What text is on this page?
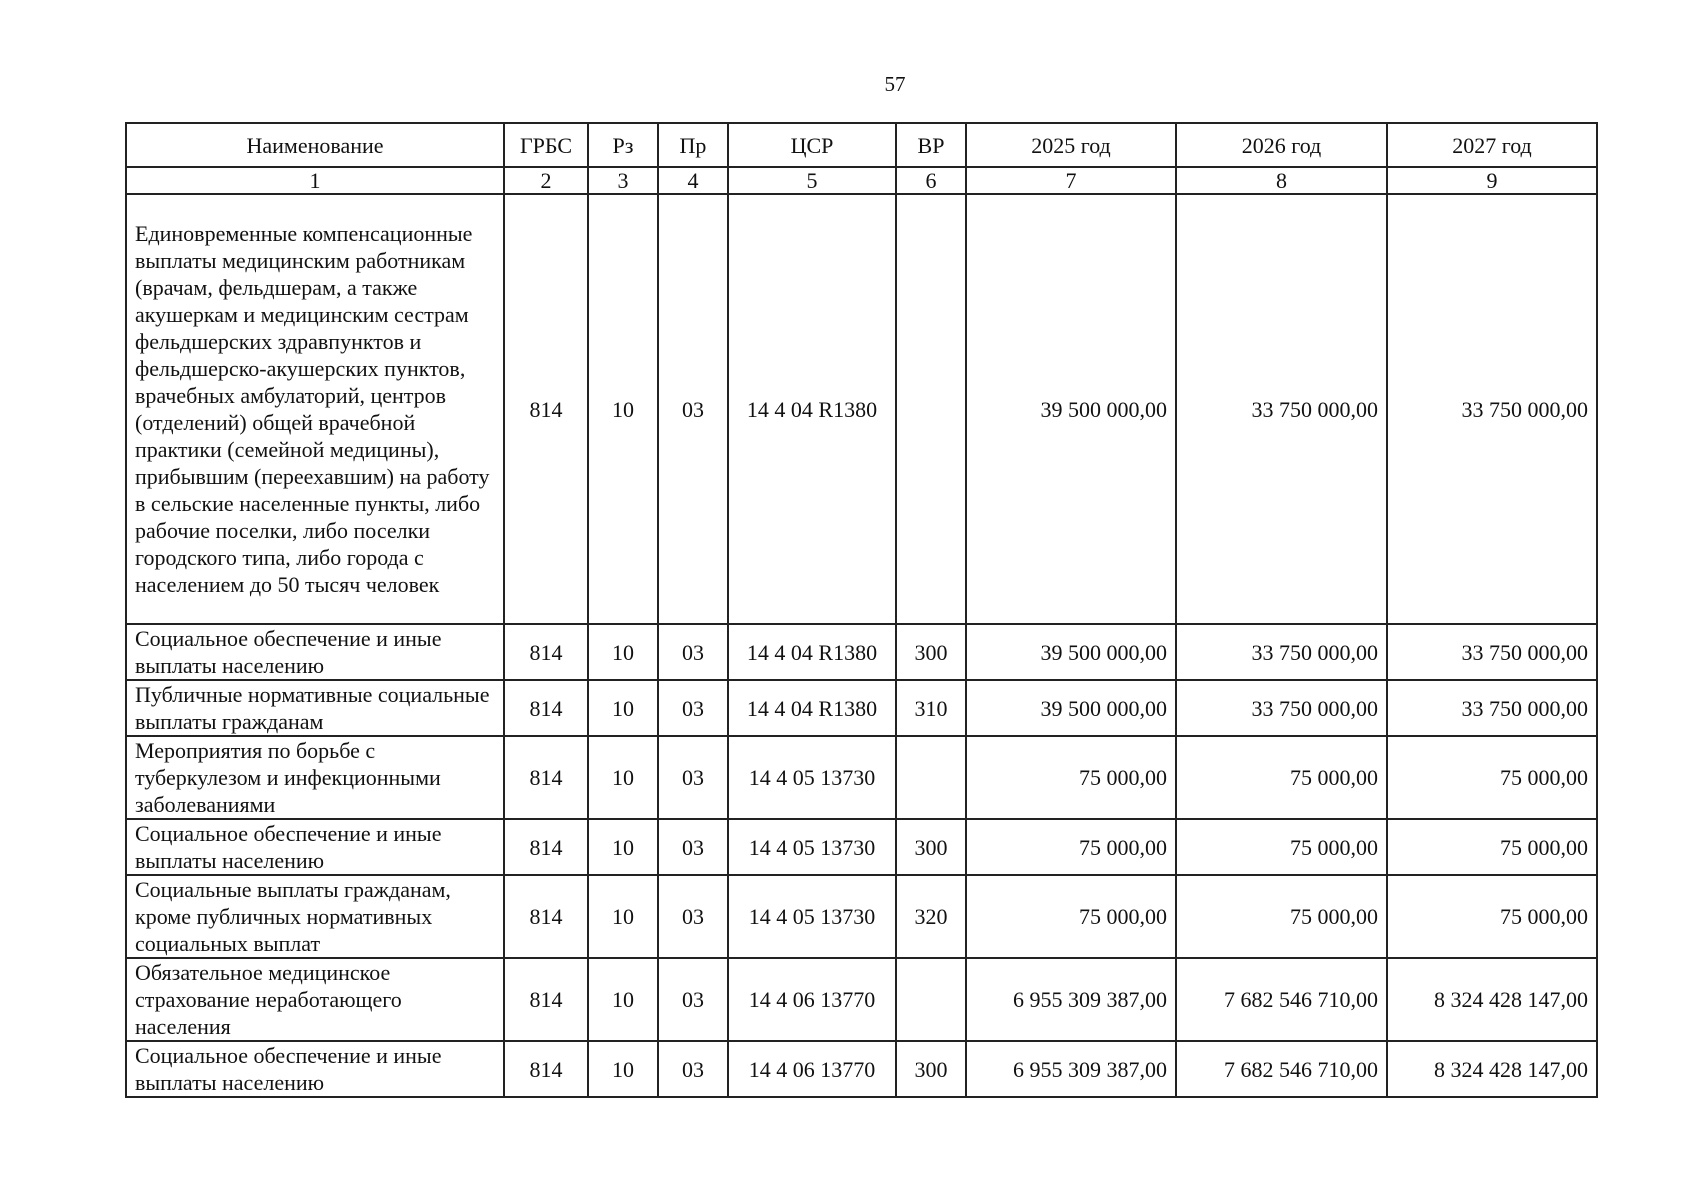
57
Наименование	ГРБС	Рз	Пр	ЦСР	ВР	2025 год	2026 год	2027 год
1	2	3	4	5	6	7	8	9
Единовременные компенсационные выплаты медицинским работникам (врачам, фельдшерам, а также акушеркам и медицинским сестрам фельдшерских здравпунктов и фельдшерско-акушерских пунктов, врачебных амбулаторий, центров (отделений) общей врачебной практики (семейной медицины), прибывшим (переехавшим) на работу в сельские населенные пункты, либо рабочие поселки, либо поселки городского типа, либо города с населением до 50 тысяч человек	814	10	03	14 4 04 R1380		39 500 000,00	33 750 000,00	33 750 000,00
Социальное обеспечение и иные выплаты населению	814	10	03	14 4 04 R1380	300	39 500 000,00	33 750 000,00	33 750 000,00
Публичные нормативные социальные выплаты гражданам	814	10	03	14 4 04 R1380	310	39 500 000,00	33 750 000,00	33 750 000,00
Мероприятия по борьбе с туберкулезом и инфекционными заболеваниями	814	10	03	14 4 05 13730		75 000,00	75 000,00	75 000,00
Социальное обеспечение и иные выплаты населению	814	10	03	14 4 05 13730	300	75 000,00	75 000,00	75 000,00
Социальные выплаты гражданам, кроме публичных нормативных социальных выплат	814	10	03	14 4 05 13730	320	75 000,00	75 000,00	75 000,00
Обязательное медицинское страхование неработающего населения	814	10	03	14 4 06 13770		6 955 309 387,00	7 682 546 710,00	8 324 428 147,00
Социальное обеспечение и иные выплаты населению	814	10	03	14 4 06 13770	300	6 955 309 387,00	7 682 546 710,00	8 324 428 147,00
